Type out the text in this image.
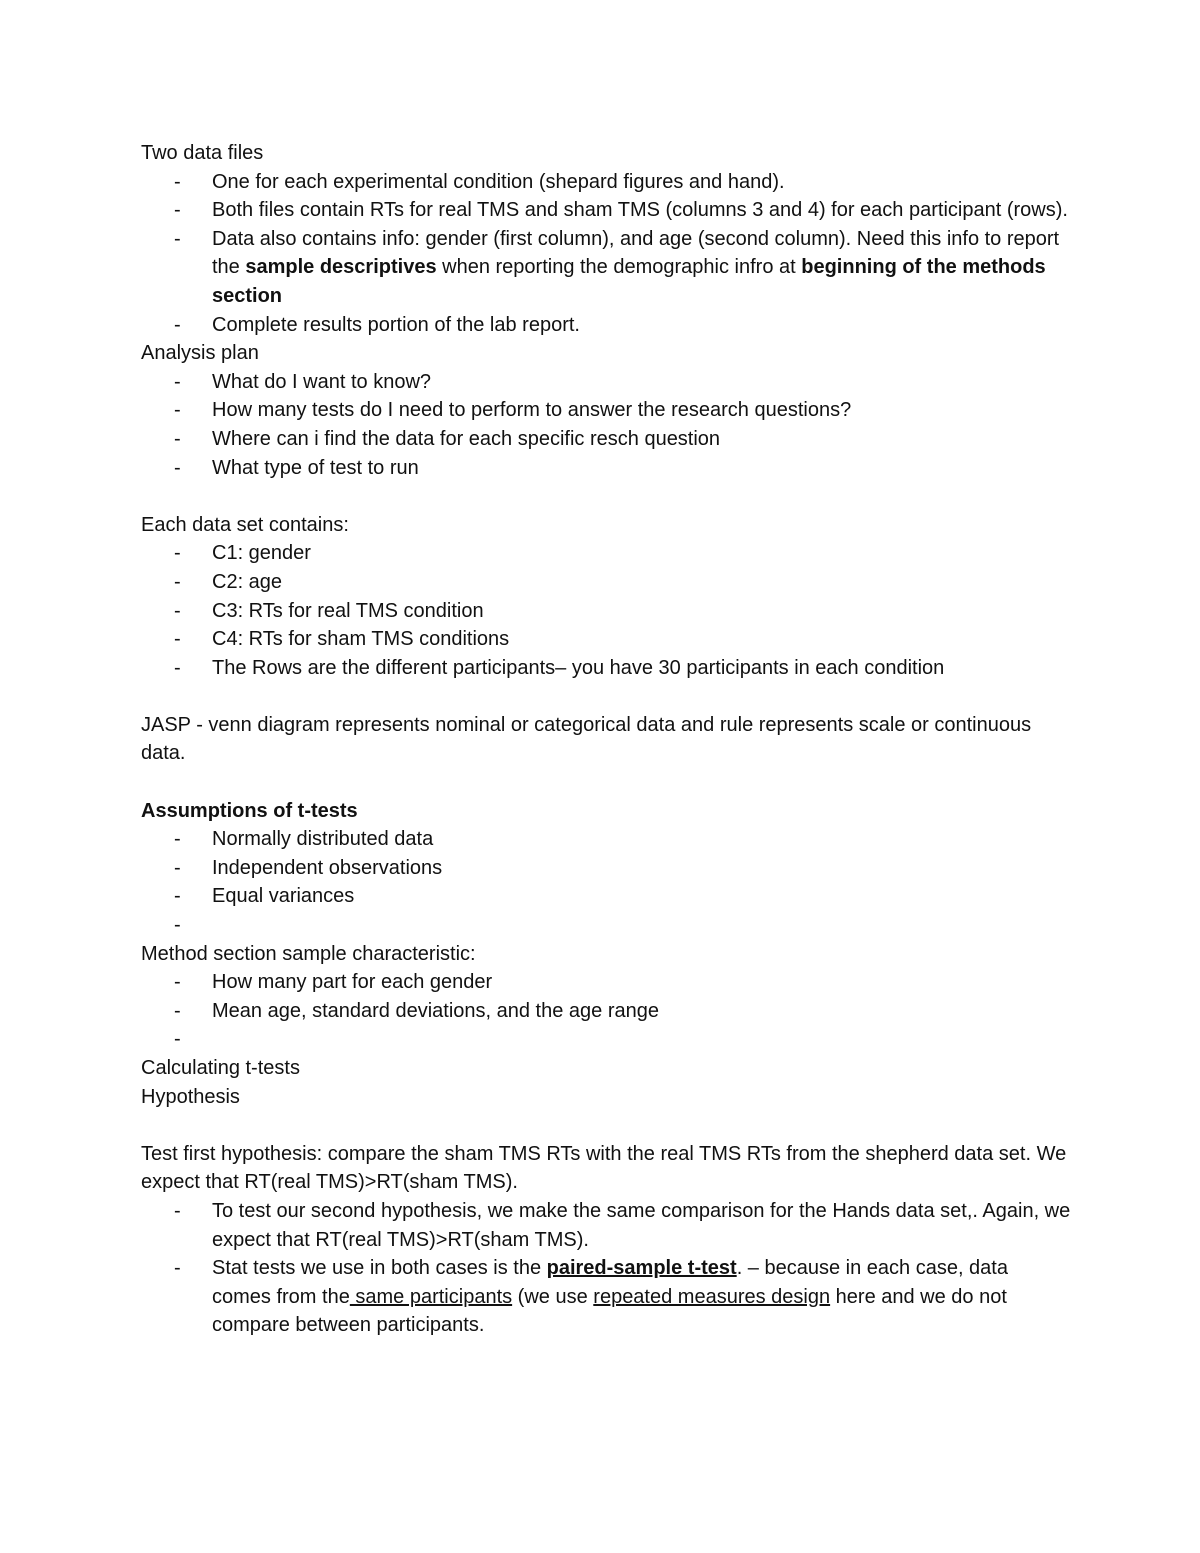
Two data files

- One for each experimental condition (shepard figures and hand).
- Both files contain RTs for real TMS and sham TMS (columns 3 and 4) for each participant (rows).
- Data also contains info: gender (first column), and age (second column). Need this info to report the sample descriptives when reporting the demographic infro at beginning of the methods section
- Complete results portion of the lab report.

Analysis plan

- What do I want to know?
- How many tests do I need to perform to answer the research questions?
- Where can i find the data for each specific resch question
- What type of test to run

Each data set contains:

- C1: gender
- C2: age
- C3: RTs for real TMS condition
- C4: RTs for sham TMS conditions
- The Rows are the different participants– you have 30 participants in each condition

JASP - venn diagram represents nominal or categorical data and rule represents scale or continuous data.

Assumptions of t-tests

- Normally distributed data
- Independent observations
- Equal variances
-

Method section sample characteristic:

- How many part for each gender
- Mean age, standard deviations, and the age range
-

Calculating t-tests

Hypothesis

Test first hypothesis: compare the sham TMS RTs with the real TMS RTs from the shepherd data set. We expect that RT(real TMS)>RT(sham TMS).

- To test our second hypothesis, we make the same comparison for the Hands data set,. Again, we expect that RT(real TMS)>RT(sham TMS).
- Stat tests we use in both cases is the paired-sample t-test. – because in each case, data comes from the same participants (we use repeated measures design here and we do not compare between participants.
